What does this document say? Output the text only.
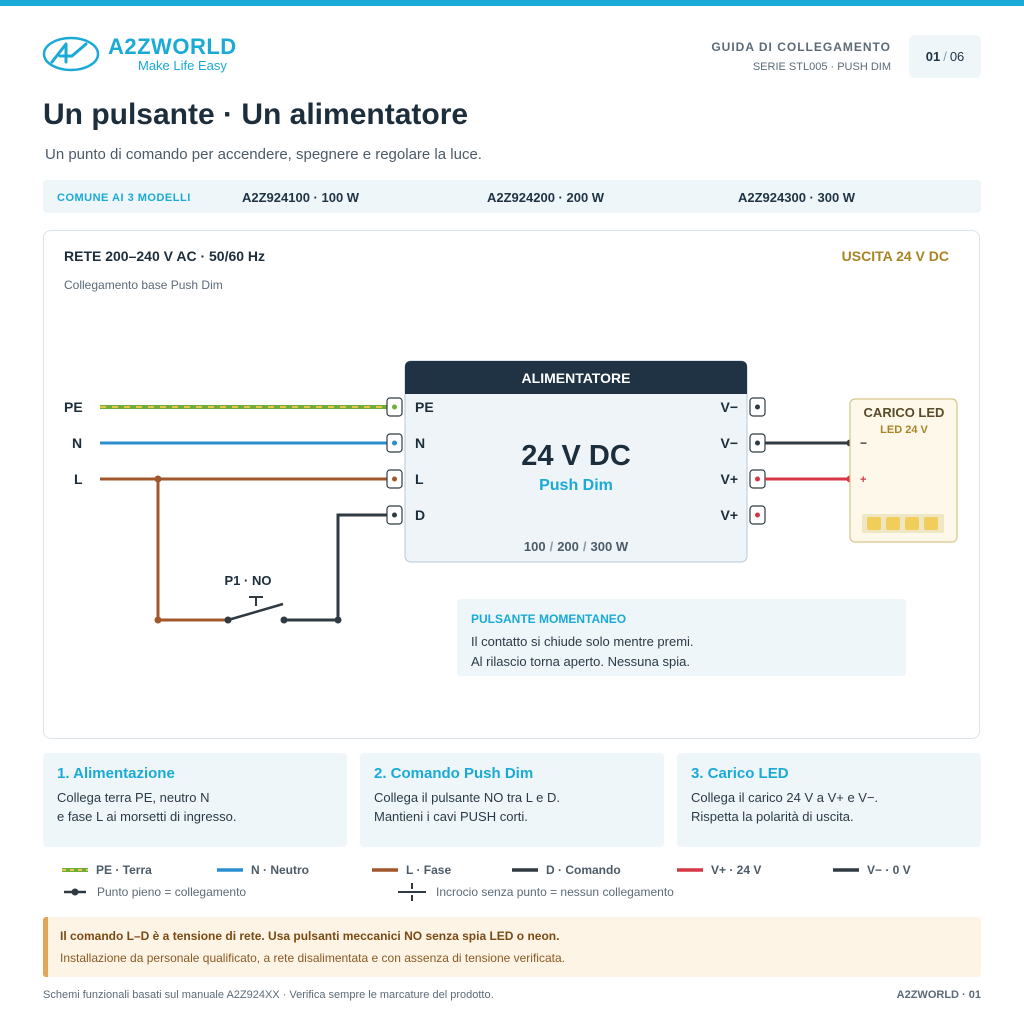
A2ZWORLD
Make Life Easy
GUIDA DI COLLEGAMENTO
SERIE STL005 · PUSH DIM
01 / 06
Un pulsante · Un alimentatore
Un punto di comando per accendere, spegnere e regolare la luce.
COMUNE AI 3 MODELLI	A2Z924100 · 100 W	A2Z924200 · 200 W	A2Z924300 · 300 W
RETE 200–240 V AC · 50/60 Hz
Collegamento base Push Dim
USCITA 24 V DC
PE
N
L
P1 · NO
ALIMENTATORE
PE
N
L
D
V−
V−
V+
V+
24 V DC
Push Dim
100 / 200 / 300 W
CARICO LED
LED 24 V
−
+
PULSANTE MOMENTANEO
Il contatto si chiude solo mentre premi.
Al rilascio torna aperto. Nessuna spia.
1. Alimentazione
Collega terra PE, neutro N
e fase L ai morsetti di ingresso.
2. Comando Push Dim
Collega il pulsante NO tra L e D.
Mantieni i cavi PUSH corti.
3. Carico LED
Collega il carico 24 V a V+ e V−.
Rispetta la polarità di uscita.
PE · Terra	N · Neutro	L · Fase	D · Comando	V+ · 24 V	V− · 0 V
Punto pieno = collegamento	Incrocio senza punto = nessun collegamento
Il comando L–D è a tensione di rete. Usa pulsanti meccanici NO senza spia LED o neon.
Installazione da personale qualificato, a rete disalimentata e con assenza di tensione verificata.
Schemi funzionali basati sul manuale A2Z924XX · Verifica sempre le marcature del prodotto.	A2ZWORLD · 01
